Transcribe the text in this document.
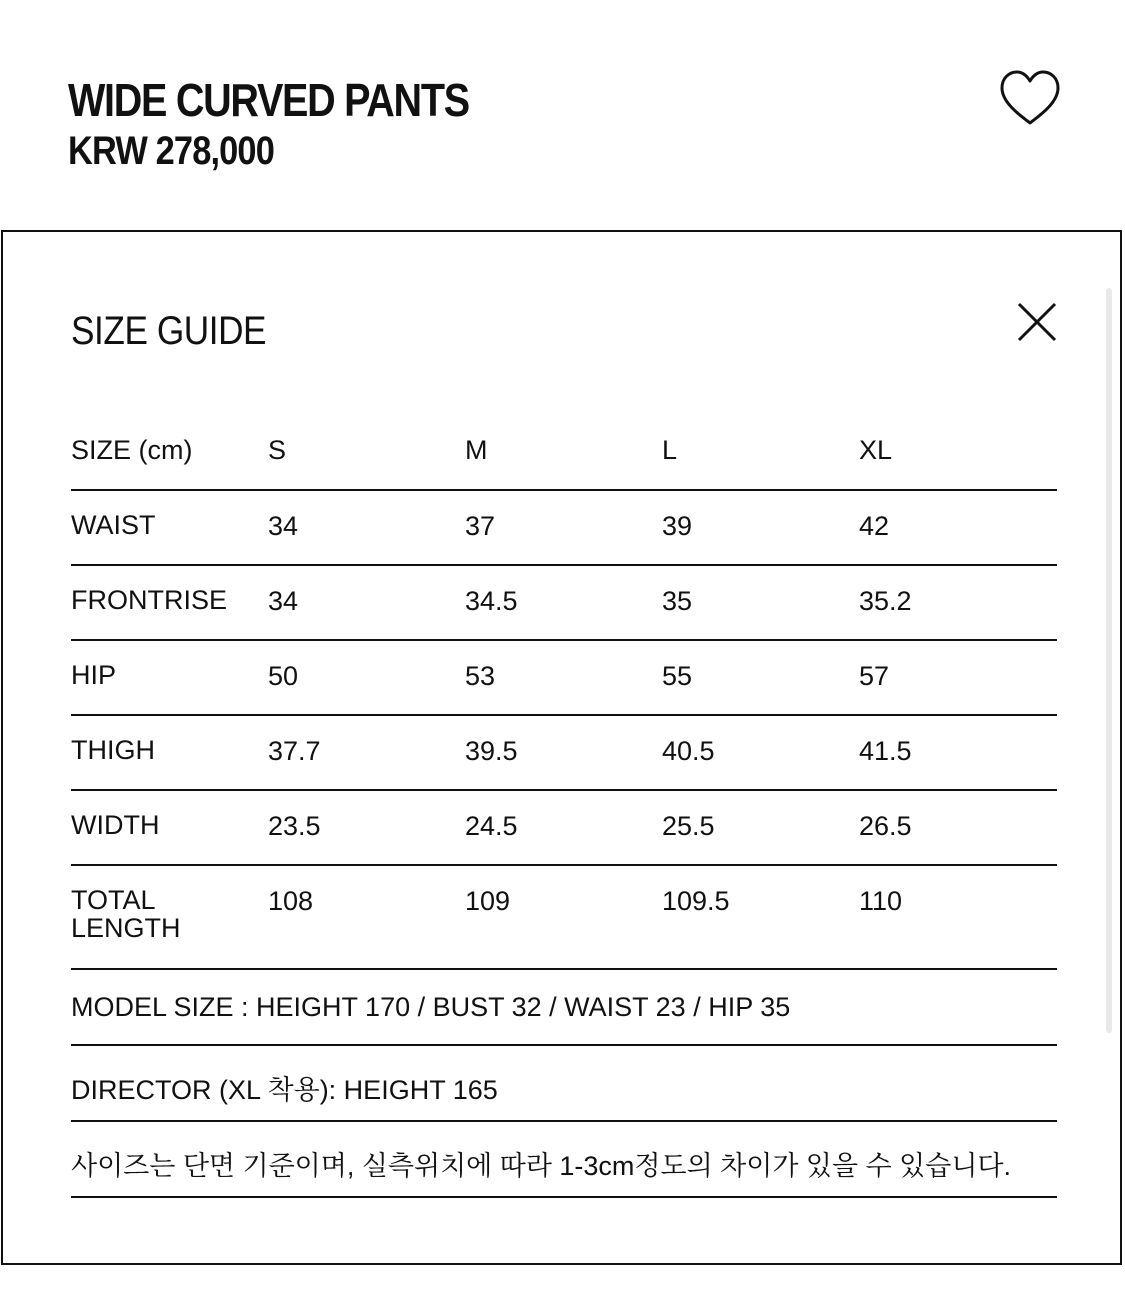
WIDE CURVED PANTS
KRW 278,000
SIZE GUIDE
SIZE (cm)	S	M	L	XL
WAIST	34	37	39	42
FRONTRISE	34	34.5	35	35.2
HIP	50	53	55	57
THIGH	37.7	39.5	40.5	41.5
WIDTH	23.5	24.5	25.5	26.5
TOTAL
LENGTH	108	109	109.5	110
MODEL SIZE : HEIGHT 170 / BUST 32 / WAIST 23 / HIP 35				
DIRECTOR (XL 착용): HEIGHT 165				
사이즈는 단면 기준이며, 실측위치에 따라 1-3cm정도의 차이가 있을 수 있습니다.				
